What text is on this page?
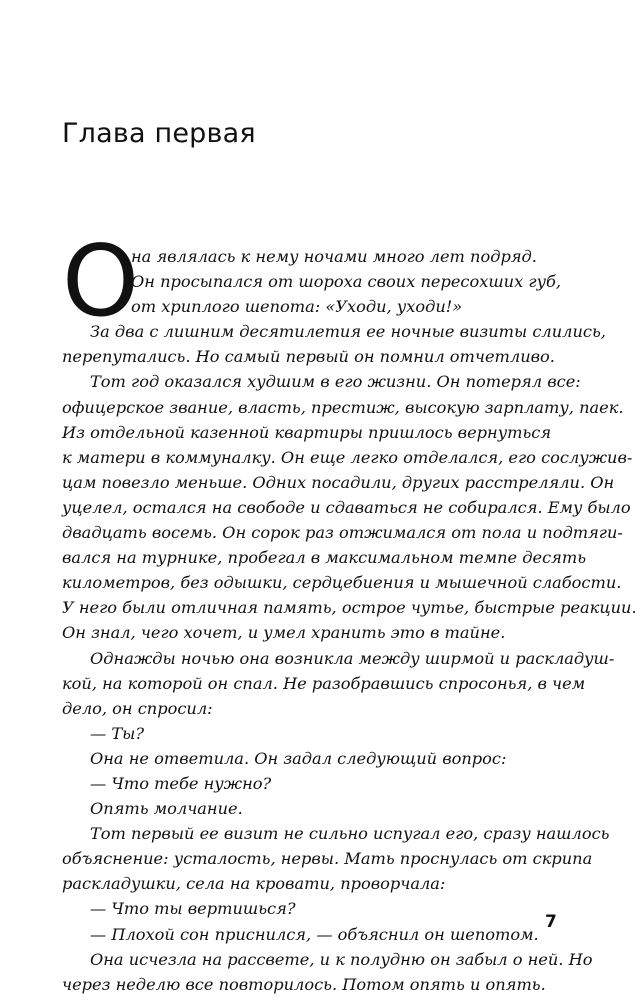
Глава первая
О
на являлась к нему ночами много лет подряд.
Он просыпался от шороха своих пересохших губ,
от хриплого шепота: «Уходи, уходи!»
За два с лишним десятилетия ее ночные визиты слились,
перепутались. Но самый первый он помнил отчетливо.
Тот год оказался худшим в его жизни. Он потерял все:
офицерское звание, власть, престиж, высокую зарплату, паек.
Из отдельной казенной квартиры пришлось вернуться
к матери в коммуналку. Он еще легко отделался, его сослужив-
цам повезло меньше. Одних посадили, других расстреляли. Он
уцелел, остался на свободе и сдаваться не собирался. Ему было
двадцать восемь. Он сорок раз отжимался от пола и подтяги-
вался на турнике, пробегал в максимальном темпе десять
километров, без одышки, сердцебиения и мышечной слабости.
У него были отличная память, острое чутье, быстрые реакции.
Он знал, чего хочет, и умел хранить это в тайне.
Однажды ночью она возникла между ширмой и раскладуш-
кой, на которой он спал. Не разобравшись спросонья, в чем
дело, он спросил:
— Ты?
Она не ответила. Он задал следующий вопрос:
— Что тебе нужно?
Опять молчание.
Тот первый ее визит не сильно испугал его, сразу нашлось
объяснение: усталость, нервы. Мать проснулась от скрипа
раскладушки, села на кровати, проворчала:
— Что ты вертишься?
— Плохой сон приснился, — объяснил он шепотом.
Она исчезла на рассвете, и к полудню он забыл о ней. Но
через неделю все повторилось. Потом опять и опять.
7
